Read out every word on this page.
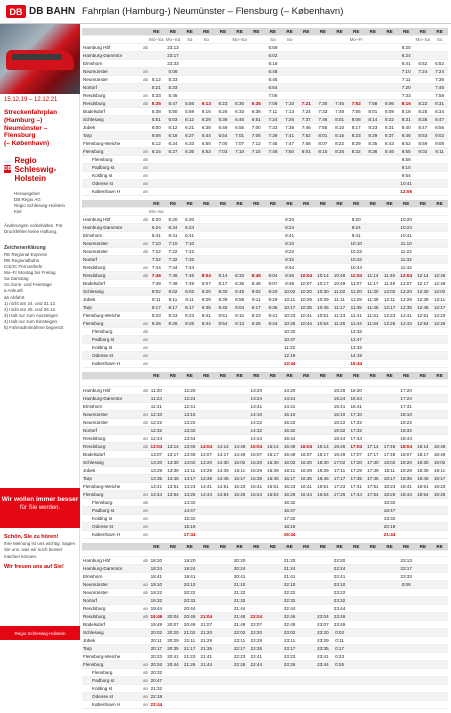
DB DB BAHN Fahrplan (Hamburg-) Neumünster – Flensburg (– København)
15.12.19 – 12.12.21
Streckenfahrplan
(Hamburg –)
Neumünster – Flensburg
(– København)
DB
Regio Schleswig-Holstein
Herausgeber
DB Regio AG
Regio Schleswig-Holstein
Kiel
Änderungen vorbehalten. Für Druckfehler keine Haftung.
Zeichenerklärung
RE Regional-Express
RB Regionalbahn
ICE/IC Fernverkehr
Mo–Fr Montag bis Freitag
Sa Samstag
So Sonn- und Feiertage
a Ankunft
ab Abfahrt
1) nicht am 24. und 31.12.
2) nicht am 25. und 26.12.
3) Halt nur zum Aussteigen
4) Halt nur zum Einsteigen
5) Fahrradmitnahme begrenzt
Wir wollen immer besser
für Sie werden.
Schön, Sie zu hören!
Ihre Meinung ist uns wichtig. Sagen Sie uns, was wir noch besser machen können.
Wir freuen uns auf Sie!
Regio Schleswig-Holstein
		RE	RE	RE	RE	RE	RE	RE	RE	RE	RE	RE	RE	RE	RE	RE	RE	RE	RE
		Mo–Sa	Mo–Sa	Sa	So		Mo–Sa		Sa	So				Mo–Fr				Mo–Sa	So
Hamburg Hbf	ab		23:13						5:58								6:20		
Hamburg-Dammtor			23:17						6:02								6:24		
Elmshorn			23:33						6:18								6:41	6:52	6:52
Neumünster	an		0:08						6:48								7:10	7:24	7:24
Neumünster	ab	5:12	5:23						6:45								7:11		7:36
Nortorf		5:21	5:33						6:54								7:20		7:46
Rendsburg	an	5:33	5:45						7:06								7:33		7:58
Rendsburg	ab	5:35	5:47	5:56	6:13	6:23	6:30	6:35	7:08	7:10	7:21	7:30	7:45	7:52	7:58	8:06	8:15	8:22	8:31
Büdelsdorf		5:38	5:50	5:59	6:16	6:26	6:33	6:38	7:11	7:13	7:24	7:33	7:48	7:55	8:01	8:09	8:18	8:25	8:34
Schleswig		5:51	6:03	6:12	6:29	6:39	6:46	6:51	7:24	7:26	7:37	7:46	8:01	8:08	8:14	8:22	8:31	8:38	8:47
Jübek		6:00	6:12	6:21	6:38	6:48	6:55	7:00	7:33	7:35	7:46	7:55	8:10	8:17	8:23	8:31	8:40	8:47	8:56
Tarp		6:06	6:18	6:27	6:44	6:54	7:01	7:06	7:39	7:41	7:52	8:01	8:16	8:23	8:29	8:37	8:46	8:53	9:02
Flensburg-Weiche		6:12	6:24	6:33	6:50	7:00	7:07	7:12	7:45	7:47	7:58	8:07	8:22	8:29	8:35	8:43	8:52	8:59	9:08
Flensburg	an	6:15	6:27	6:36	6:53	7:03	7:10	7:15	7:48	7:50	8:01	8:10	8:25	8:32	8:38	8:46	8:55	9:02	9:11
Flensburg	ab																8:58		
Padborg st	an																9:10		
Kolding st	an																9:54		
Odense st	an																10:41		
København H	an																12:06		
		RE	RE	RE	RE	RE	RE	RE	RE	RE	RE	RE	RE	RE	RE	RE	RE	RE	RE
		Mo–Sa																	
Hamburg Hbf	ab	6:20	6:20	6:20						8:20				9:20			10:20		
Hamburg-Dammtor		6:24	6:24	6:24						8:24				9:24			10:24		
Elmshorn		6:41	6:41	6:41						8:41				9:41			10:41		
Neumünster	an	7:10	7:10	7:10						9:10				10:10			11:10		
Neumünster	ab	7:22	7:22	7:22						9:22				10:22			11:22		
Nortorf		7:32	7:32	7:32						9:32				10:32			11:32		
Rendsburg	an	7:44	7:44	7:44						9:44				10:44			11:44		
Rendsburg	ab	7:46	7:46	7:46	8:04	8:14	8:33	8:46	9:04	9:46	10:04	10:14	10:46	11:04	11:14	11:46	12:04	12:14	12:46
Büdelsdorf		7:49	7:49	7:49	8:07	8:17	8:36	8:49	9:07	9:49	10:07	10:17	10:49	11:07	11:17	11:49	12:07	12:17	12:49
Schleswig		8:02	8:02	8:02	8:20	8:30	8:49	9:02	9:20	10:02	10:20	10:30	11:02	11:20	11:30	12:02	12:20	12:30	13:02
Jübek		8:11	8:11	8:11	8:29	8:39	8:58	9:11	9:29	10:11	10:29	10:39	11:11	11:29	11:39	12:11	12:29	12:39	13:11
Tarp		8:17	8:17	8:17	8:35	8:45	9:04	9:17	9:35	10:17	10:35	10:45	11:17	11:35	11:45	12:17	12:35	12:45	13:17
Flensburg-Weiche		8:23	8:23	8:23	8:41	8:51	9:10	9:23	9:41	10:23	10:41	10:51	11:23	11:41	11:51	12:23	12:41	12:51	13:23
Flensburg	an	8:26	8:26	8:26	8:44	8:54	9:13	9:26	9:44	10:26	10:44	10:54	11:26	11:44	11:54	12:26	12:44	12:54	13:26
Flensburg	ab									10:32				12:32					
Padborg st	an									10:47				12:47					
Kolding st	an									11:32				13:32					
Odense st	an									12:19				14:19					
København H	an									13:44				15:44					
		RE	RE	RE	RE	RE	RE	RE	RE	RE	RE	RE	RE	RE	RE	RE	RE	RE	RE

Hamburg Hbf	ab	11:20		12:20				13:20		14:20			15:20	16:20			17:20		
Hamburg-Dammtor		11:24		12:24				13:24		14:24			15:24	16:24			17:24		
Elmshorn		11:41		12:41				13:41		14:41			15:41	16:41			17:41		
Neumünster	an	12:10		13:10				14:10		15:10			16:10	17:10			18:10		
Neumünster	ab	12:22		13:22				14:22		15:22			16:22	17:22			18:22		
Nortorf		12:32		13:32				14:32		15:32			16:32	17:32			18:32		
Rendsburg	an	12:44		13:44				14:44		15:44			16:44	17:44			18:44		
Rendsburg	ab	13:04	13:14	13:46	14:04	14:14	14:46	15:04	15:14	15:46	16:04	16:14	16:46	17:04	17:14	17:46	18:04	18:14	18:46
Büdelsdorf		13:07	13:17	13:49	14:07	14:17	14:49	15:07	15:17	15:49	16:07	16:17	16:49	17:07	17:17	17:49	18:07	18:17	18:49
Schleswig		13:20	13:30	14:02	14:20	14:30	15:02	15:20	15:30	16:02	16:20	16:30	17:02	17:20	17:30	18:02	18:20	18:30	19:02
Jübek		13:29	13:39	14:11	14:29	14:39	15:11	15:29	15:39	16:11	16:29	16:39	17:11	17:29	17:39	18:11	18:29	18:39	19:11
Tarp		13:35	13:45	14:17	14:35	14:45	15:17	15:35	15:45	16:17	16:35	16:45	17:17	17:35	17:45	18:17	18:35	18:45	19:17
Flensburg-Weiche		13:41	13:51	14:23	14:41	14:51	15:23	15:41	15:51	16:23	16:41	16:51	17:23	17:41	17:51	18:23	18:41	18:51	19:23
Flensburg	an	13:44	13:54	14:26	14:44	14:54	15:26	15:44	15:54	16:26	16:44	16:54	17:26	17:44	17:54	18:26	18:44	18:54	19:26
Flensburg	ab			14:32						16:32						18:32			
Padborg st	an			14:47						16:47						18:47			
Kolding st	an			15:32						17:32						19:32			
Odense st	an			16:19						18:19						20:19			
København H	an			17:44						19:44						21:44			
		RE	RE	RE	RE	RE	RE	RE	RE	RE	RE	RE	RE	RE	RE	RE	RE	RE	RE

Hamburg Hbf	ab	18:20		19:20			20:20			21:20			22:20				23:13		
Hamburg-Dammtor		18:24		19:24			20:24			21:24			22:24				23:17		
Elmshorn		18:41		19:41			20:41			21:41			22:41				23:33		
Neumünster	an	19:10		20:10			21:10			22:10			23:10				0:08		
Neumünster	ab	19:22		20:22			21:22			22:22			23:22						
Nortorf		19:32		20:32			21:32			22:32			23:32						
Rendsburg	an	19:44		20:44			21:44			22:44			23:44						
Rendsburg	ab	19:46	20:04	20:46	21:04		21:46	22:04		22:46		23:04	23:46						
Büdelsdorf		19:49	20:07	20:49	21:07		21:49	22:07		22:49		23:07	23:49						
Schleswig		20:02	20:20	21:02	21:20		22:02	22:20		23:02		23:20	0:02						
Jübek		20:11	20:29	21:11	21:29		22:11	22:29		23:11		23:29	0:11						
Tarp		20:17	20:35	21:17	21:35		22:17	22:35		23:17		23:35	0:17						
Flensburg-Weiche		20:23	20:41	21:23	21:41		22:23	22:41		23:23		23:41	0:23						
Flensburg	an	20:26	20:44	21:26	21:44		22:26	22:44		23:26		23:44	0:26						
Flensburg	ab	20:32																	
Padborg st	an	20:47																	
Kolding st	an	21:32																	
Odense st	an	22:19																	
København H	an	23:44																	
